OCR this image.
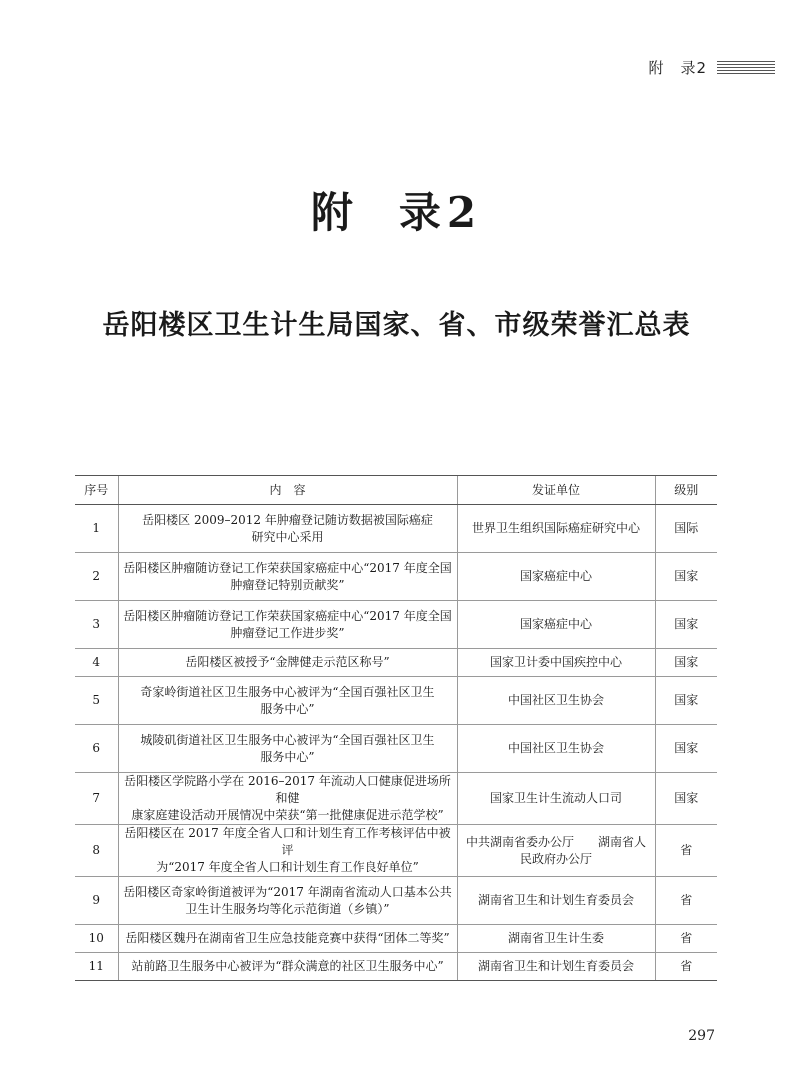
附　录2
附 录2
岳阳楼区卫生计生局国家、省、市级荣誉汇总表
序号	内　容	发证单位	级别
1	岳阳楼区 2009–2012 年肿瘤登记随访数据被国际癌症
研究中心采用	世界卫生组织国际癌症研究中心	国际
2	岳阳楼区肿瘤随访登记工作荣获国家癌症中心“2017 年度全国
肿瘤登记特别贡献奖”	国家癌症中心	国家
3	岳阳楼区肿瘤随访登记工作荣获国家癌症中心“2017 年度全国
肿瘤登记工作进步奖”	国家癌症中心	国家
4	岳阳楼区被授予“金牌健走示范区称号”	国家卫计委中国疾控中心	国家
5	奇家岭街道社区卫生服务中心被评为“全国百强社区卫生
服务中心”	中国社区卫生协会	国家
6	城陵矶街道社区卫生服务中心被评为“全国百强社区卫生
服务中心”	中国社区卫生协会	国家
7	岳阳楼区学院路小学在 2016–2017 年流动人口健康促进场所和健
康家庭建设活动开展情况中荣获“第一批健康促进示范学校”	国家卫生计生流动人口司	国家
8	岳阳楼区在 2017 年度全省人口和计划生育工作考核评估中被评
为“2017 年度全省人口和计划生育工作良好单位”	中共湖南省委办公厅　　湖南省人
民政府办公厅	省
9	岳阳楼区奇家岭街道被评为“2017 年湖南省流动人口基本公共
卫生计生服务均等化示范街道（乡镇）”	湖南省卫生和计划生育委员会	省
10	岳阳楼区魏丹在湖南省卫生应急技能竞赛中获得“团体二等奖”	湖南省卫生计生委	省
11	站前路卫生服务中心被评为“群众满意的社区卫生服务中心”	湖南省卫生和计划生育委员会	省
297
